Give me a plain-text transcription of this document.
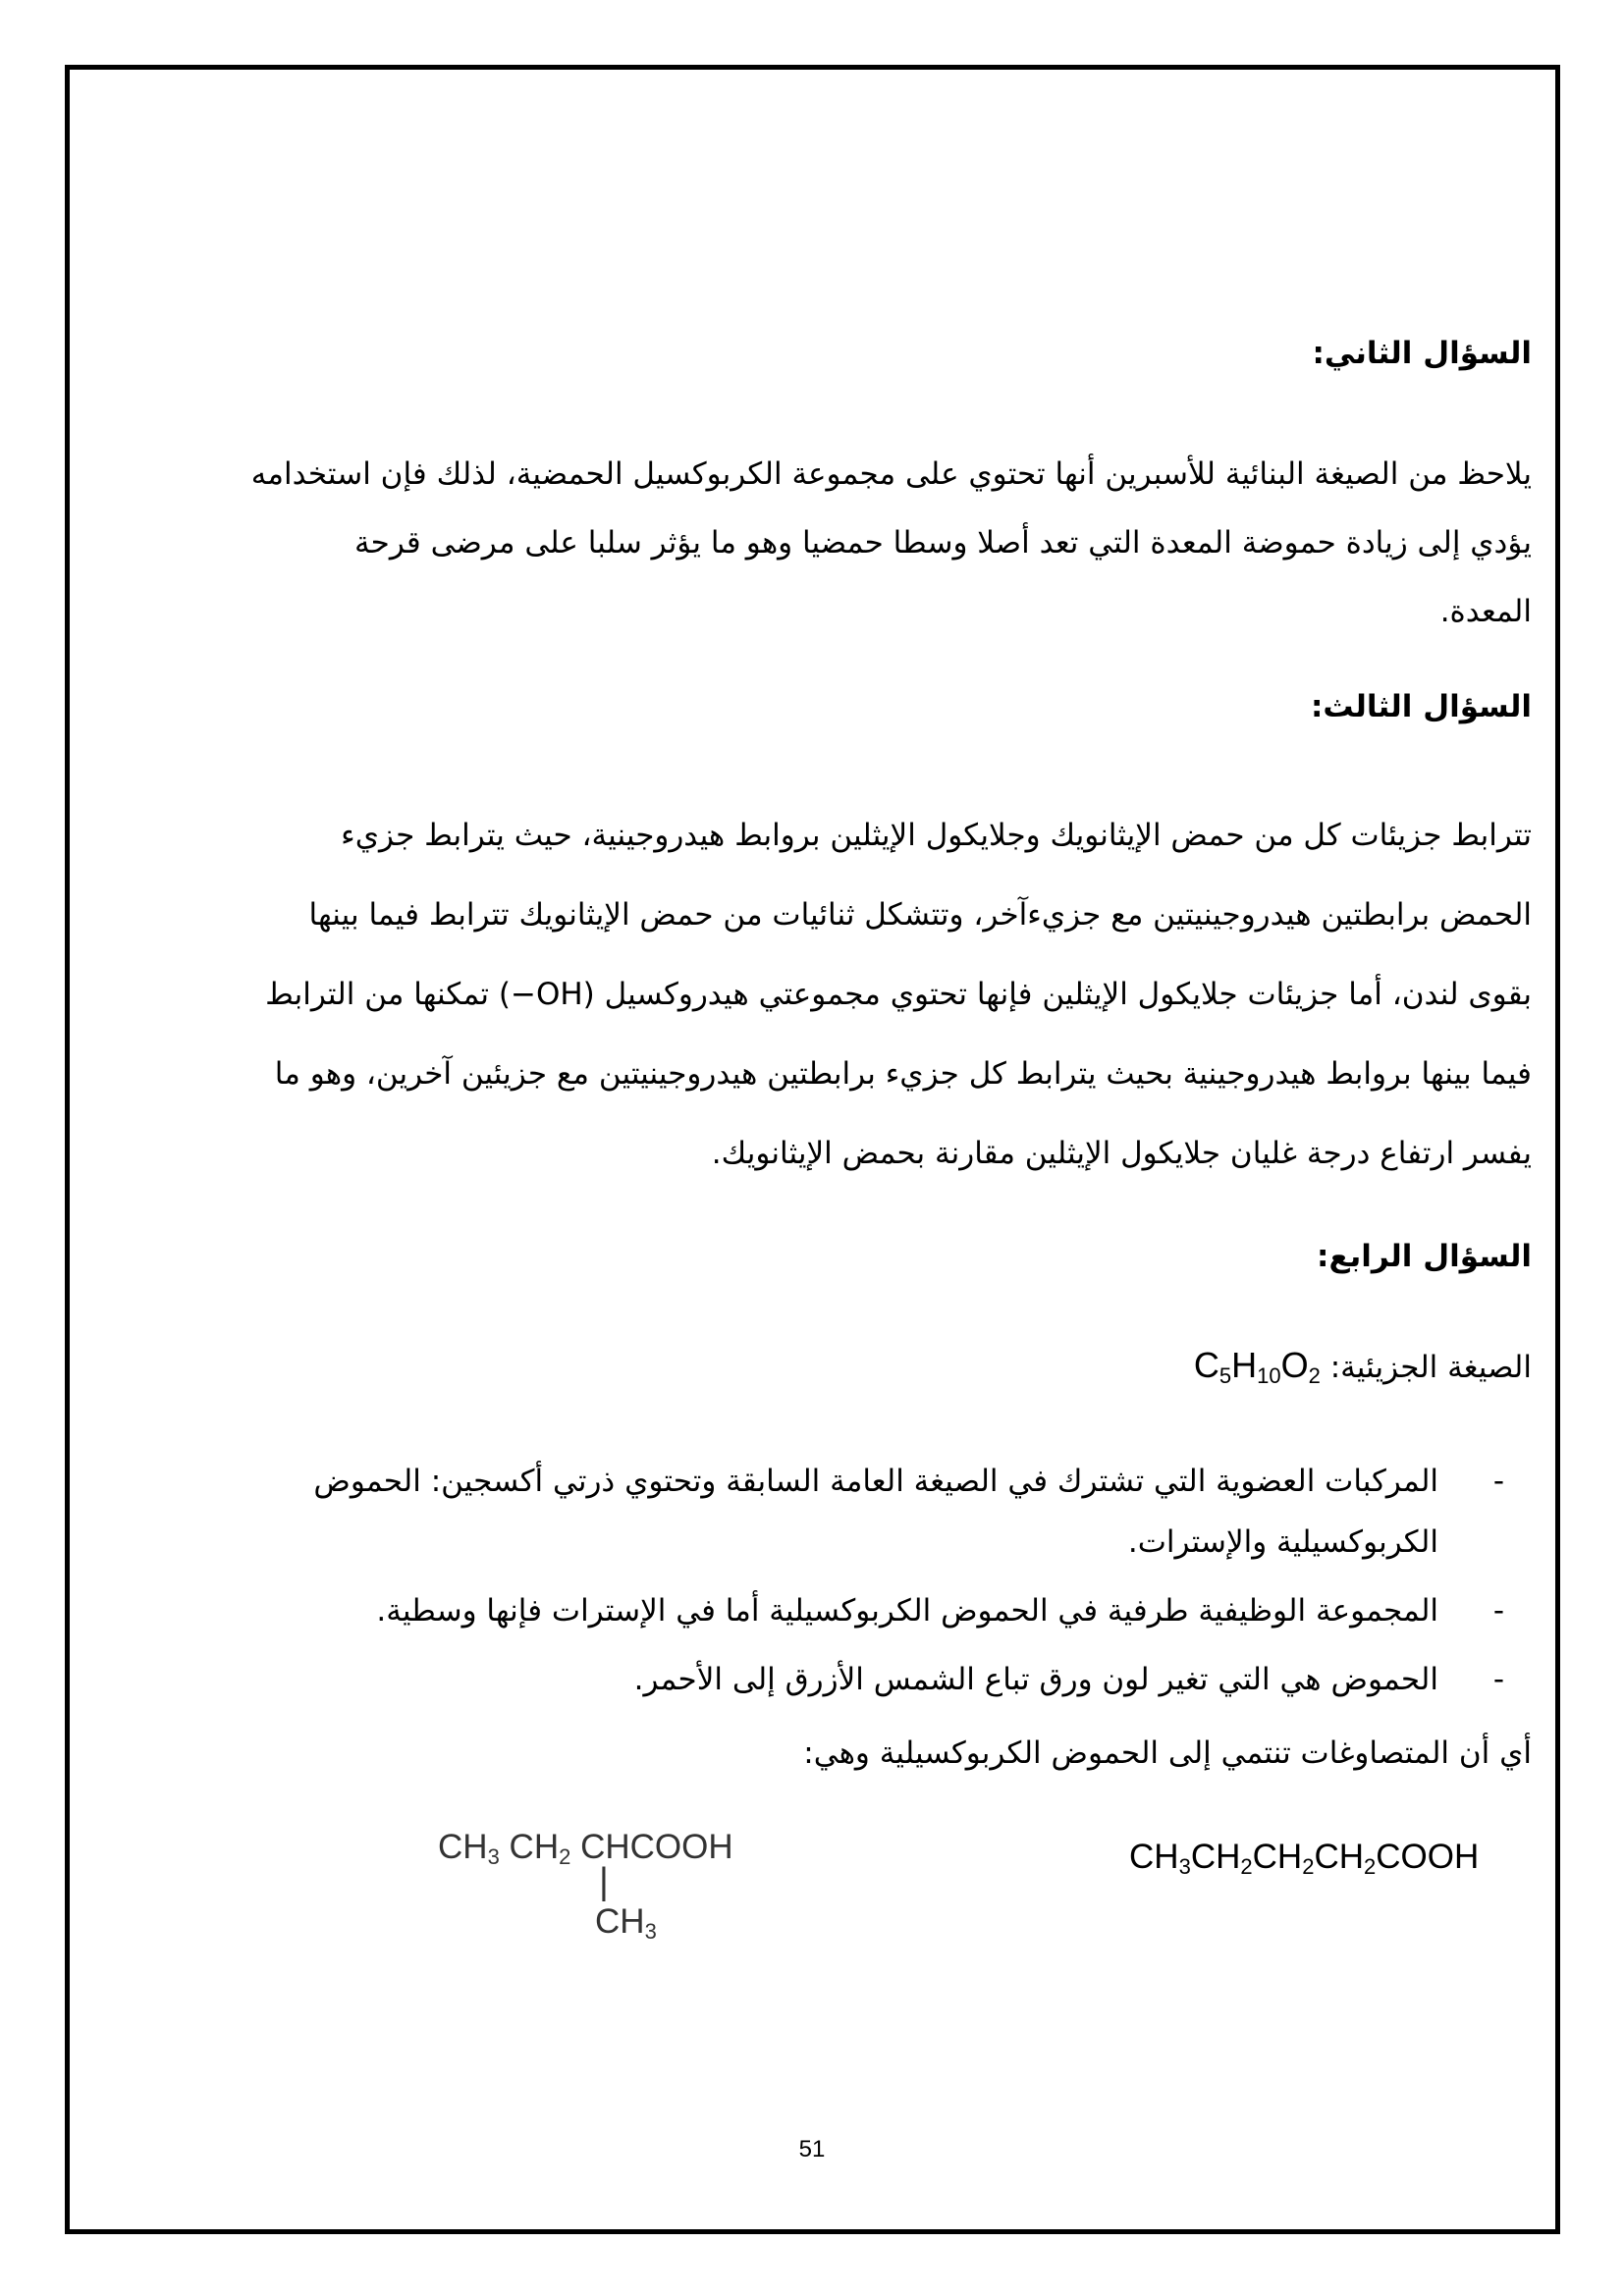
السؤال الثاني:
يلاحظ من الصيغة البنائية للأسبرين أنها تحتوي على مجموعة الكربوكسيل الحمضية، لذلك فإن استخدامه
يؤدي إلى زيادة حموضة المعدة التي تعد أصلا وسطا حمضيا وهو ما يؤثر سلبا على مرضى قرحة
المعدة.
السؤال الثالث:
تترابط جزيئات كل من حمض الإيثانويك وجلايكول الإيثلين بروابط هيدروجينية، حيث يترابط جزيء
الحمض برابطتين هيدروجينيتين مع جزيءآخر، وتتشكل ثنائيات من حمض الإيثانويك تترابط فيما بينها
بقوى لندن، أما جزيئات جلايكول الإيثلين فإنها تحتوي مجموعتي هيدروكسيل (OH−) تمكنها من الترابط
فيما بينها بروابط هيدروجينية بحيث يترابط كل جزيء برابطتين هيدروجينيتين مع جزيئين آخرين، وهو ما
يفسر ارتفاع درجة غليان جلايكول الإيثلين مقارنة بحمض الإيثانويك.
السؤال الرابع:
الصيغة الجزيئية: $C_5H_{10}O_2$
-
المركبات العضوية التي تشترك في الصيغة العامة السابقة وتحتوي ذرتي أكسجين: الحموض
الكربوكسيلية والإسترات.
-
المجموعة الوظيفية طرفية في الحموض الكربوكسيلية أما في الإسترات فإنها وسطية.
-
الحموض هي التي تغير لون ورق تباع الشمس الأزرق إلى الأحمر.
أي أن المتصاوغات تنتمي إلى الحموض الكربوكسيلية وهي:
$CH_3CH_2CH_2CH_2COOH$
$CH_3$ $CH_2$ CHCOOH
|
$CH_3$
51
